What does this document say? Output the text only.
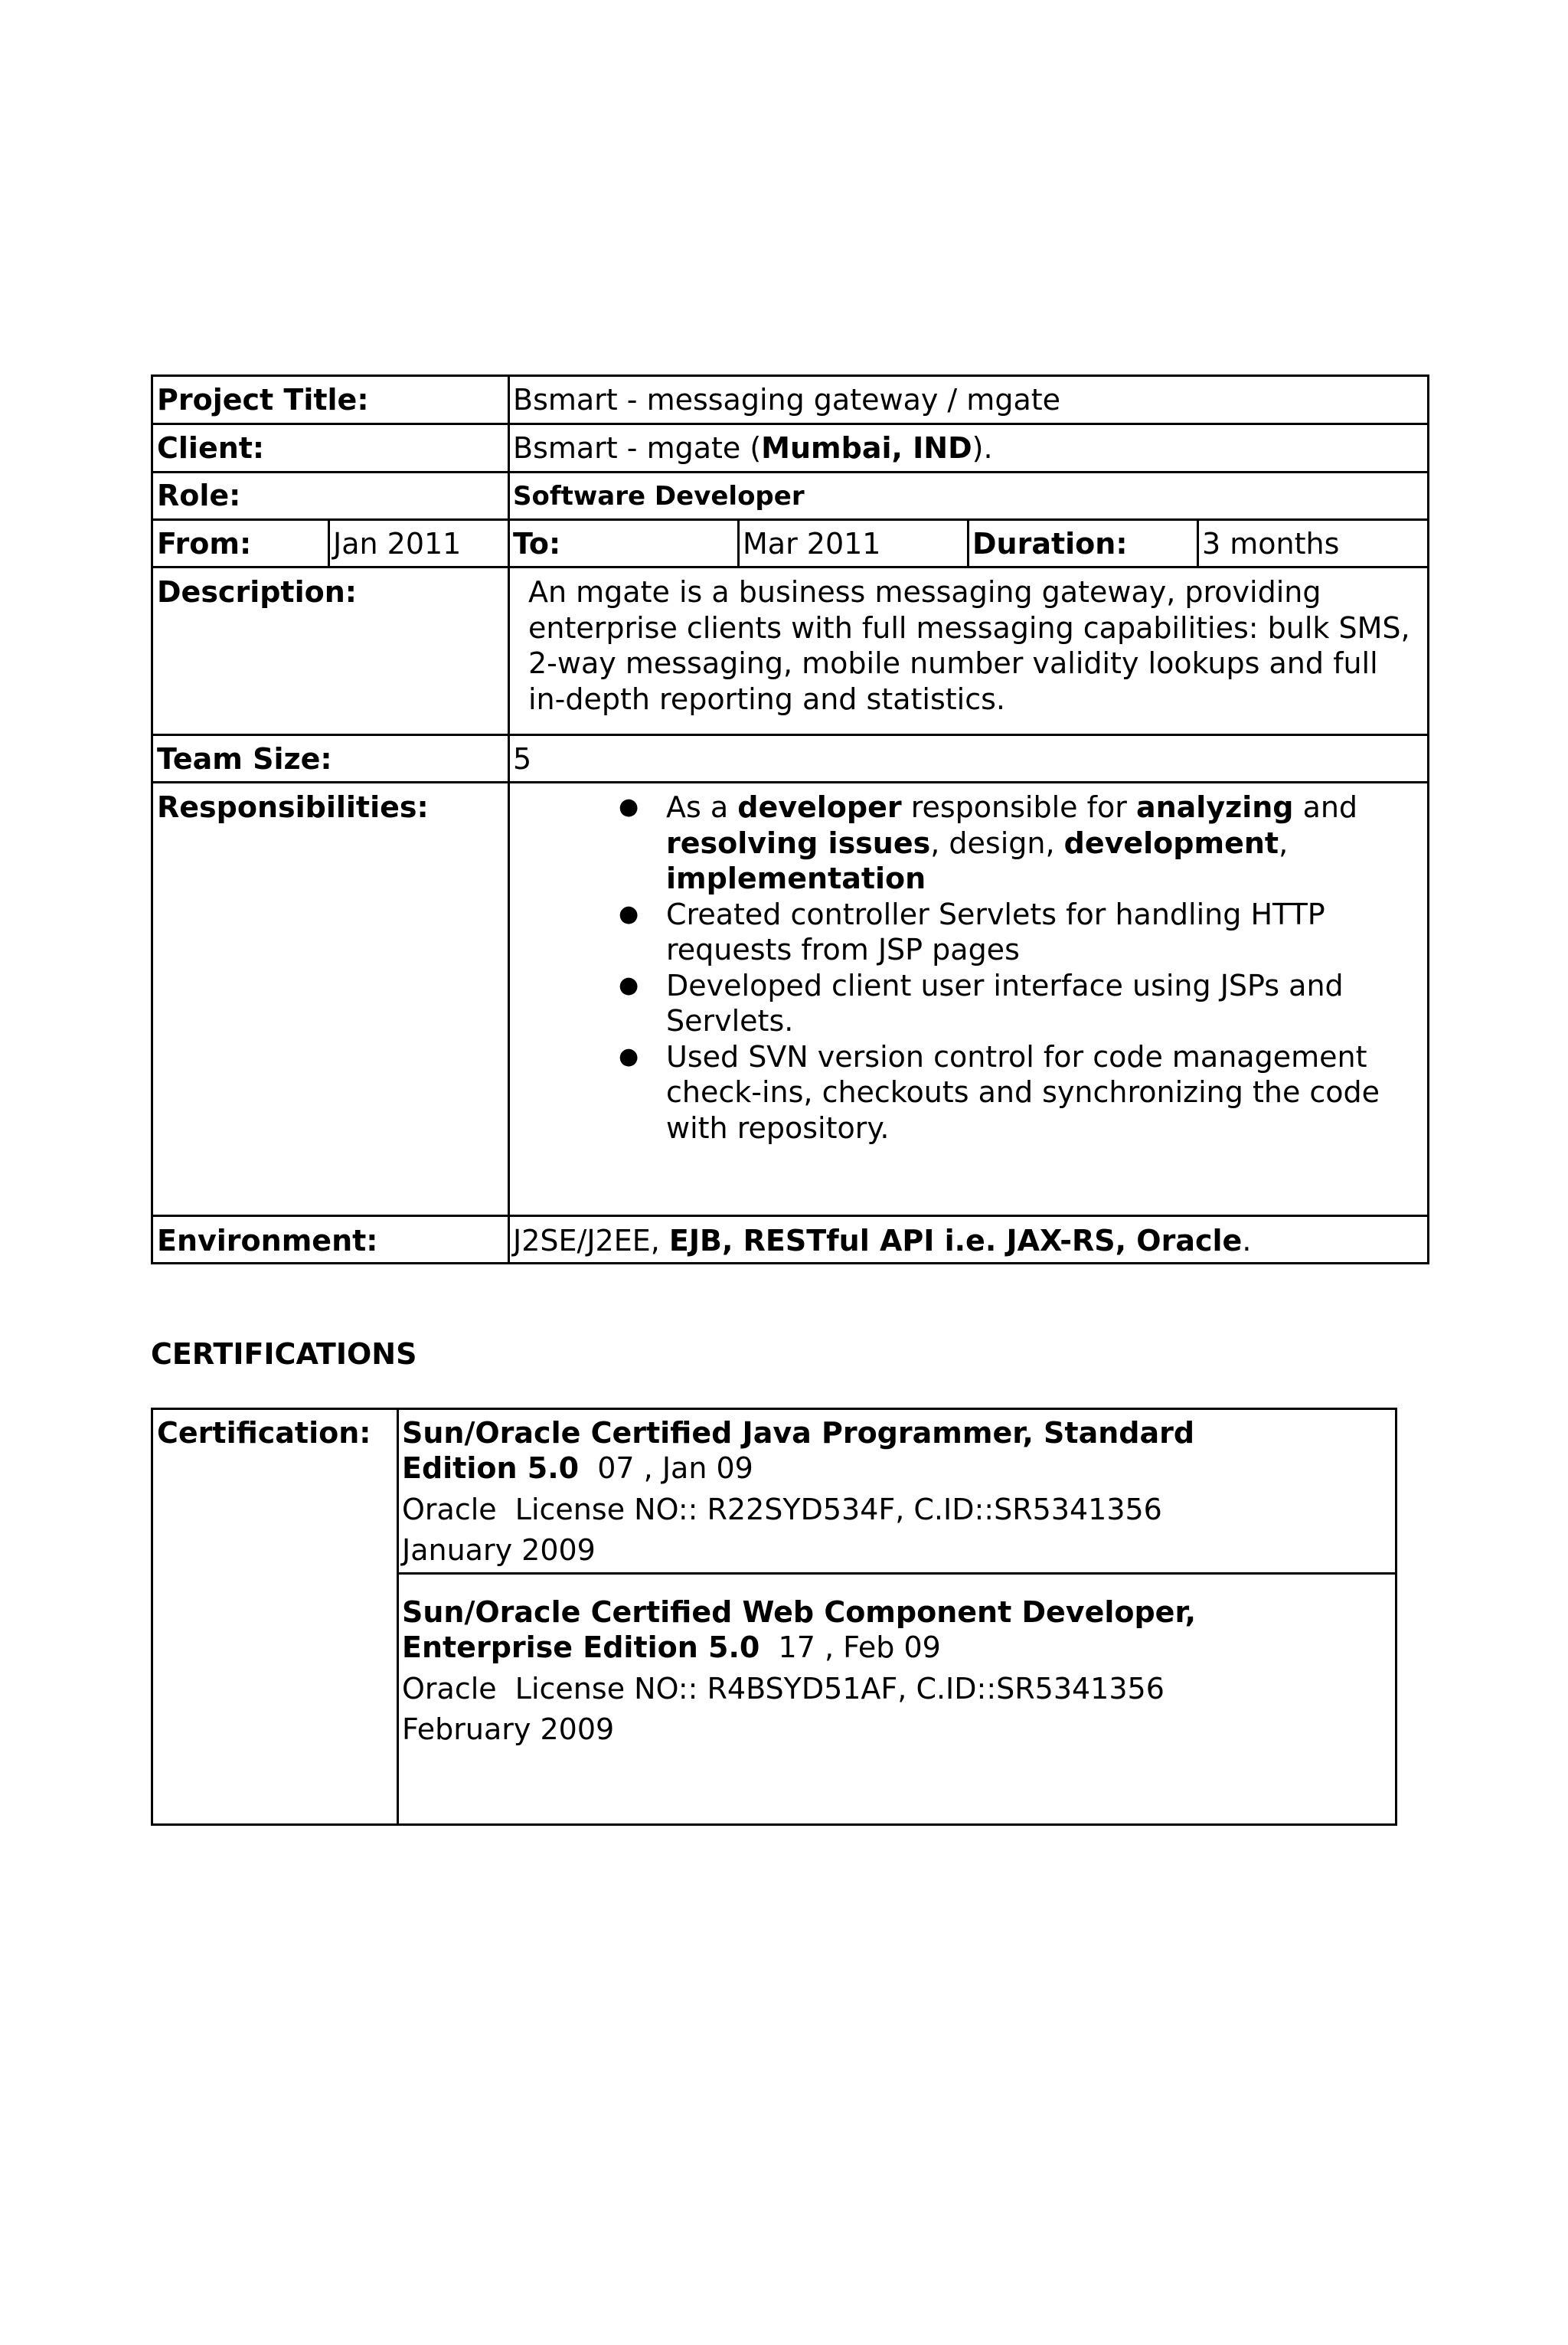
Project Title:	Bsmart - messaging gateway / mgate
Client:	Bsmart - mgate (Mumbai, IND).
Role:	Software Developer
From:	Jan 2011 To:	Mar 2011	Duration:	3 months
Description:	An mgate is a business messaging gateway, providing enterprise clients with full messaging capabilities: bulk SMS, 2-way messaging, mobile number validity lookups and full in-depth reporting and statistics.
Team Size:	5
Responsibilities:	● As a developer responsible for analyzing and resolving issues, design, development, implementation
● Created controller Servlets for handling HTTP requests from JSP pages
● Developed client user interface using JSPs and Servlets.
● Used SVN version control for code management check-ins, checkouts and synchronizing the code with repository.
Environment:	J2SE/J2EE, EJB, RESTful API i.e. JAX-RS, Oracle.
CERTIFICATIONS
Certification: Sun/Oracle Certified Java Programmer, Standard
Edition 5.0  07 , Jan 09
Oracle  License NO:: R22SYD534F, C.ID::SR5341356
January 2009
Sun/Oracle Certified Web Component Developer,
Enterprise Edition 5.0  17 , Feb 09
Oracle  License NO:: R4BSYD51AF, C.ID::SR5341356
February 2009
